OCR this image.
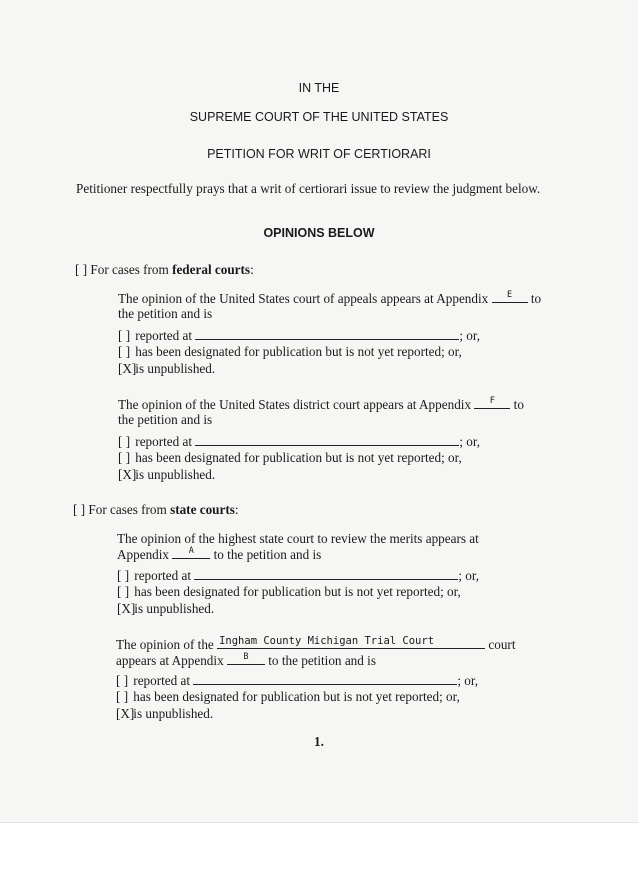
IN THE
SUPREME COURT OF THE UNITED STATES
PETITION FOR WRIT OF CERTIORARI
Petitioner respectfully prays that a writ of certiorari issue to review the judgment below.
OPINIONS BELOW
[ ] For cases from federal courts:
The opinion of the United States court of appeals appears at Appendix	E	to
the petition and is
[ ] reported at	; or,
[ ] has been designated for publication but is not yet reported; or,
[X] is unpublished.
The opinion of the United States district court appears at Appendix	F	to
the petition and is
[ ] reported at	; or,
[ ] has been designated for publication but is not yet reported; or,
[X] is unpublished.
[ ] For cases from state courts:
The opinion of the highest state court to review the merits appears at
Appendix	A	to the petition and is
[ ] reported at	; or,
[ ] has been designated for publication but is not yet reported; or,
[X] is unpublished.
The opinion of the Ingham County Michigan Trial Court	court
appears at Appendix	B	to the petition and is
[ ] reported at	; or,
[ ] has been designated for publication but is not yet reported; or,
[X] is unpublished.
1.
